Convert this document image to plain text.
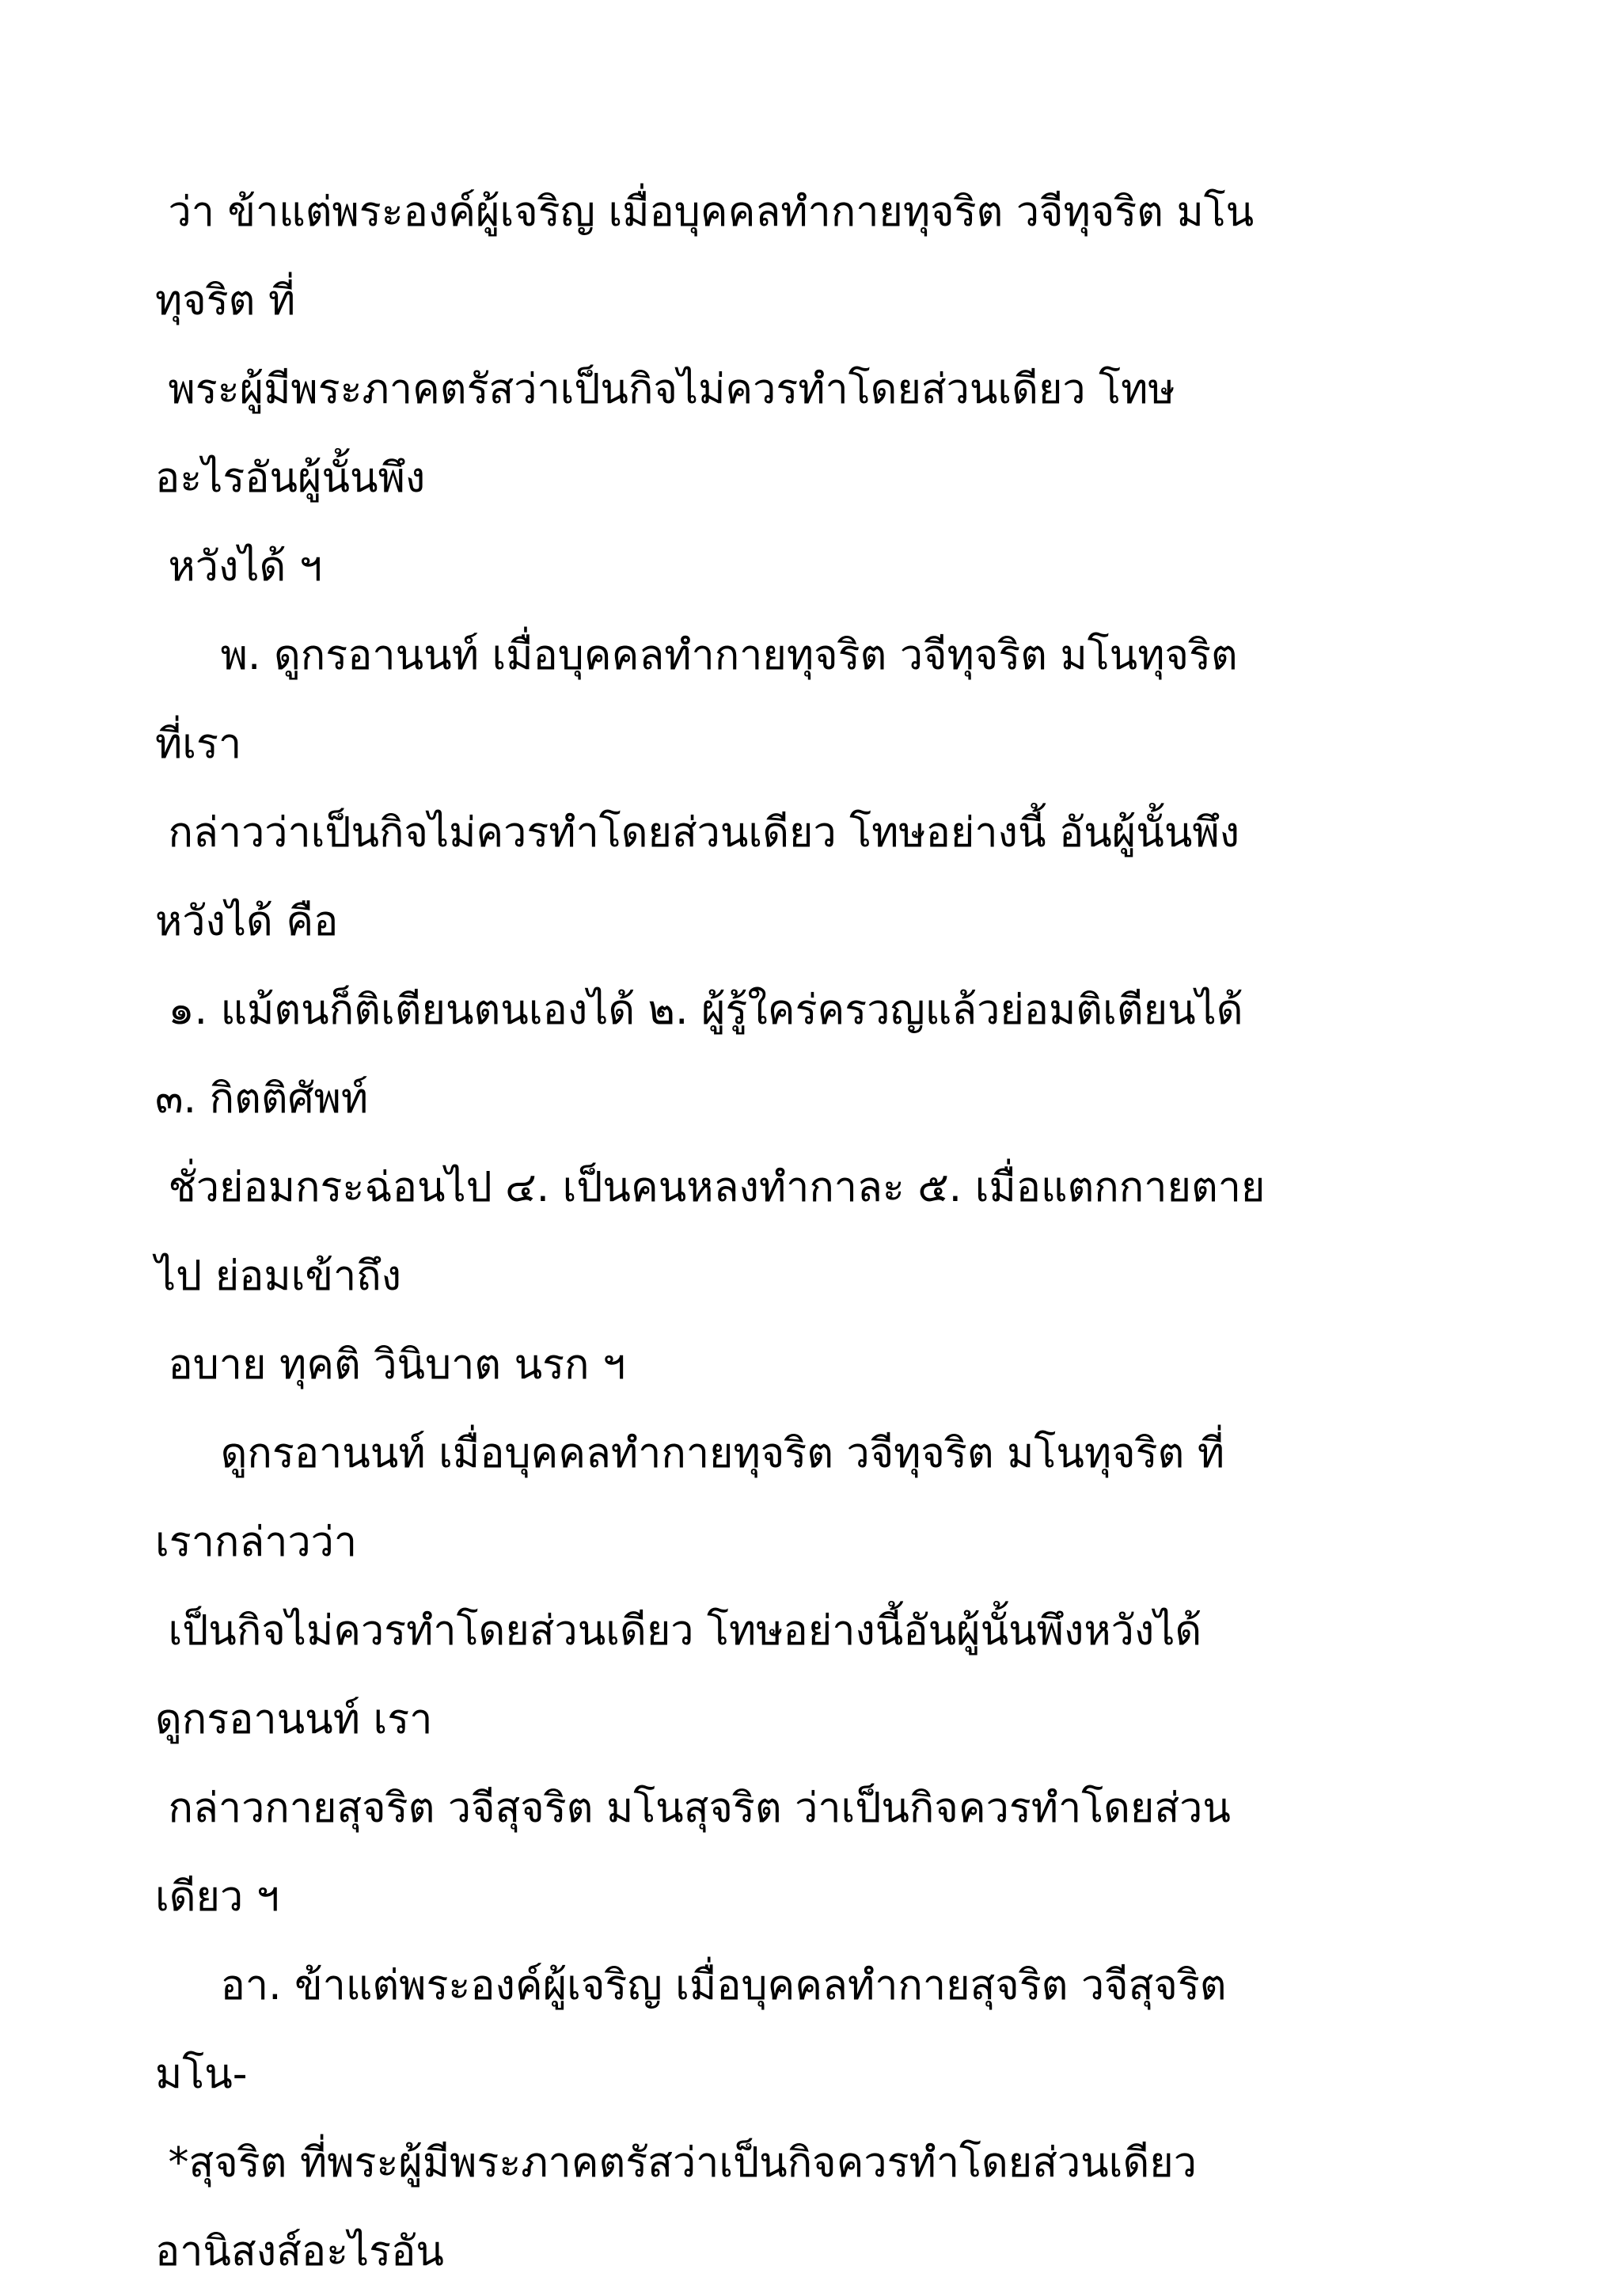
ว่า ข้าแต่พระองค์ผู้เจริญ เมื่อบุคคลทำกายทุจริต วจีทุจริต มโน
ทุจริต ที่
พระผู้มีพระภาคตรัสว่าเป็นกิจไม่ควรทำโดยส่วนเดียว โทษ
อะไรอันผู้นั้นพึง
หวังได้ ฯ
พ. ดูกรอานนท์ เมื่อบุคคลทำกายทุจริต วจีทุจริต มโนทุจริต
ที่เรา
กล่าวว่าเป็นกิจไม่ควรทำโดยส่วนเดียว โทษอย่างนี้ อันผู้นั้นพึง
หวังได้ คือ
๑. แม้ตนก็ติเตียนตนเองได้ ๒. ผู้รู้ใคร่ครวญแล้วย่อมติเตียนได้
๓. กิตติศัพท์
ชั่วย่อมกระฉ่อนไป ๔. เป็นคนหลงทำกาละ ๕. เมื่อแตกกายตาย
ไป ย่อมเข้าถึง
อบาย ทุคติ วินิบาต นรก ฯ
ดูกรอานนท์ เมื่อบุคคลทำกายทุจริต วจีทุจริต มโนทุจริต ที่
เรากล่าวว่า
เป็นกิจไม่ควรทำโดยส่วนเดียว โทษอย่างนี้อันผู้นั้นพึงหวังได้
ดูกรอานนท์ เรา
กล่าวกายสุจริต วจีสุจริต มโนสุจริต ว่าเป็นกิจควรทำโดยส่วน
เดียว ฯ
อา. ข้าแต่พระองค์ผู้เจริญ เมื่อบุคคลทำกายสุจริต วจีสุจริต
มโน-
*สุจริต ที่พระผู้มีพระภาคตรัสว่าเป็นกิจควรทำโดยส่วนเดียว
อานิสงส์อะไรอัน
